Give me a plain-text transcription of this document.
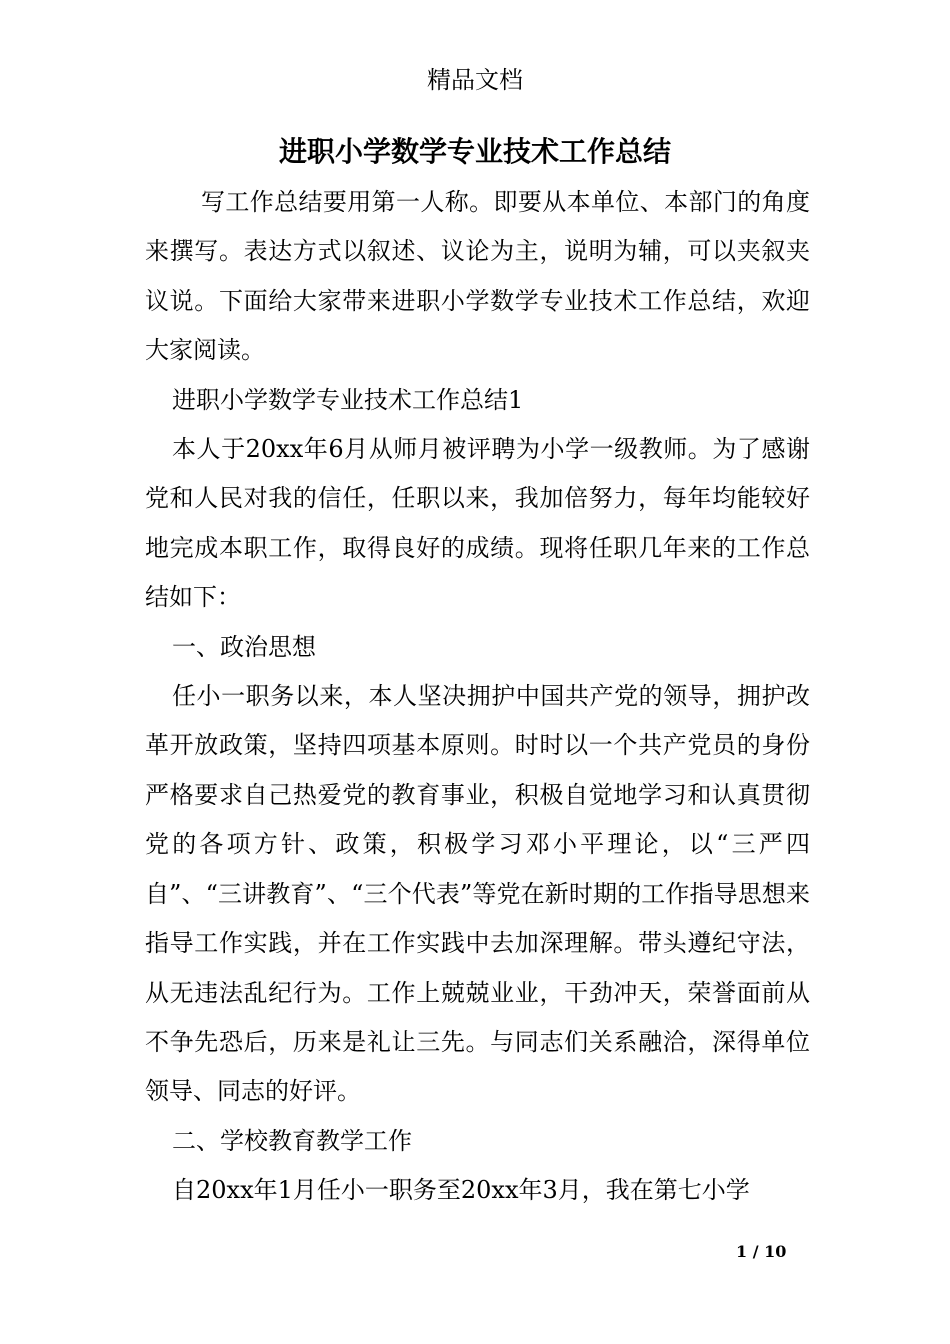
精品文档
进职小学数学专业技术工作总结

写工作总结要用第一人称。即要从本单位、本部门的角度来撰写。表达方式以叙述、议论为主，说明为辅，可以夹叙夹议说。下面给大家带来进职小学数学专业技术工作总结，欢迎大家阅读。

进职小学数学专业技术工作总结1

本人于20xx年6月从师月被评聘为小学一级教师。为了感谢党和人民对我的信任，任职以来，我加倍努力，每年均能较好地完成本职工作，取得良好的成绩。现将任职几年来的工作总结如下：

一、政治思想

任小一职务以来，本人坚决拥护中国共产党的领导，拥护改革开放政策，坚持四项基本原则。时时以一个共产党员的身份严格要求自己热爱党的教育事业，积极自觉地学习和认真贯彻党的各项方针、政策，积极学习邓小平理论，以“三严四自”、“三讲教育”、“三个代表”等党在新时期的工作指导思想来指导工作实践，并在工作实践中去加深理解。带头遵纪守法，从无违法乱纪行为。工作上兢兢业业，干劲冲天，荣誉面前从不争先恐后，历来是礼让三先。与同志们关系融洽，深得单位领导、同志的好评。

二、学校教育教学工作

自20xx年1月任小一职务至20xx年3月，我在第七小学

1 / 10
